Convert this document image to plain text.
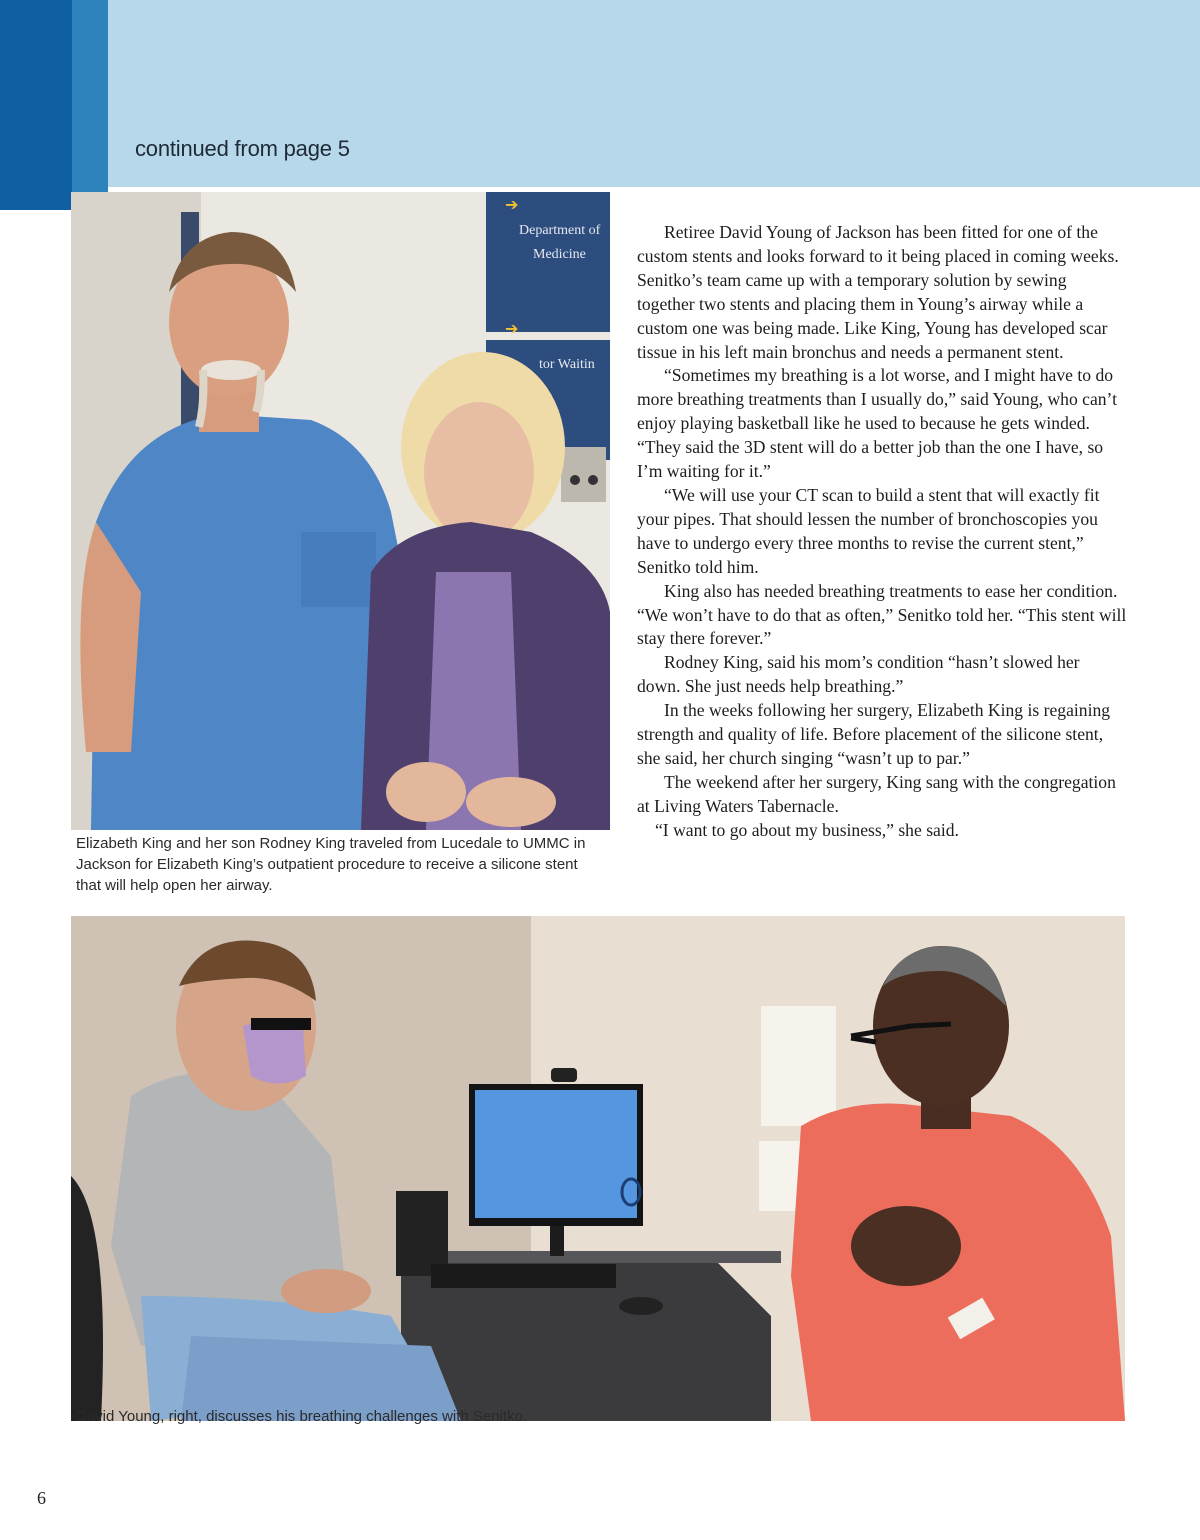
continued from page 5
➔
Department of
Medicine
➔
tor Waitin
Elizabeth King and her son Rodney King traveled from Lucedale to UMMC in Jackson for Elizabeth King’s outpatient procedure to receive a silicone stent that will help open her airway.

Retiree David Young of Jackson has been fitted for one of the custom stents and looks forward to it being placed in coming weeks. Senitko’s team came up with a temporary solution by sewing together two stents and placing them in Young’s airway while a custom one was being made. Like King, Young has developed scar tissue in his left main bronchus and needs a permanent stent.

“Sometimes my breathing is a lot worse, and I might have to do more breathing treatments than I usually do,” said Young, who can’t enjoy playing basketball like he used to because he gets winded. “They said the 3D stent will do a better job than the one I have, so I’m waiting for it.”

“We will use your CT scan to build a stent that will exactly fit your pipes. That should lessen the number of bronchoscopies you have to undergo every three months to revise the current stent,” Senitko told him.

King also has needed breathing treatments to ease her condition. “We won’t have to do that as often,” Senitko told her. “This stent will stay there forever.”

Rodney King, said his mom’s condition “hasn’t slowed her down. She just needs help breathing.”

In the weeks following her surgery, Elizabeth King is regaining strength and quality of life. Before placement of the silicone stent, she said, her church singing “wasn’t up to par.”

The weekend after her surgery, King sang with the congregation at Living Waters Tabernacle.

“I want to go about my business,” she said.

David Young, right, discusses his breathing challenges with Senitko.
6
